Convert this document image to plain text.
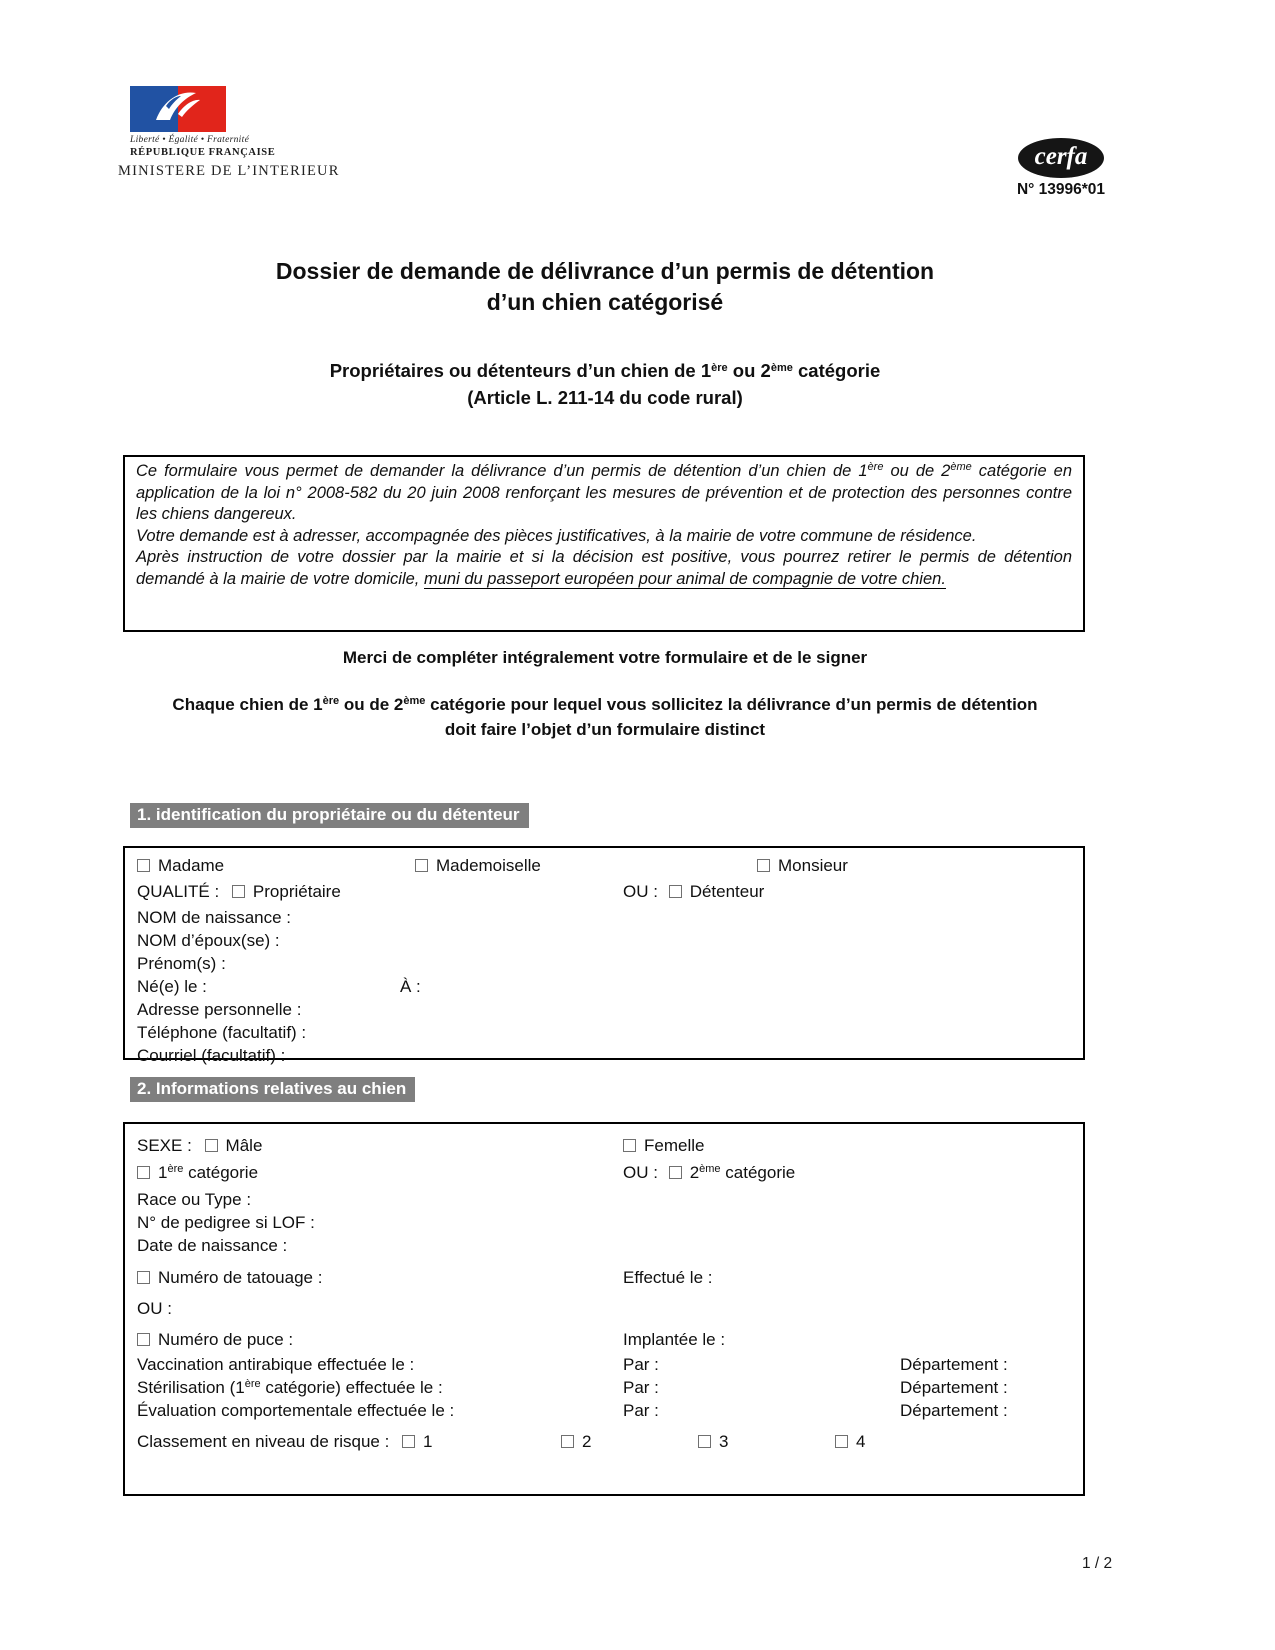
Liberté • Égalité • Fraternité
RÉPUBLIQUE FRANÇAISE
MINISTERE DE L’INTERIEUR
cerfa
N° 13996*01
Dossier de demande de délivrance d’un permis de détention
d’un chien catégorisé
Propriétaires ou détenteurs d’un chien de 1ère ou 2ème catégorie
(Article L. 211-14 du code rural)

Ce formulaire vous permet de demander la délivrance d’un permis de détention d’un chien de 1ère ou de 2ème catégorie en application de la loi n° 2008-582 du 20 juin 2008 renforçant les mesures de prévention et de protection des personnes contre les chiens dangereux.

Votre demande est à adresser, accompagnée des pièces justificatives, à la mairie de votre commune de résidence.

Après instruction de votre dossier par la mairie et si la décision est positive, vous pourrez retirer le permis de détention demandé à la mairie de votre domicile, muni du passeport européen pour animal de compagnie de votre chien.

Merci de compléter intégralement votre formulaire et de le signer
Chaque chien de 1ère ou de 2ème catégorie pour lequel vous sollicitez la délivrance d’un permis de détention
doit faire l’objet d’un formulaire distinct
1. identification du propriétaire ou du détenteur
Madame	Mademoiselle	Monsieur
QUALITÉ : Propriétaire	OU : Détenteur
NOM de naissance :
NOM d’époux(se) :
Prénom(s) :
Né(e) le :	À :
Adresse personnelle :
Téléphone (facultatif) :
Courriel (facultatif) :
2. Informations relatives au chien
SEXE : Mâle	Femelle
1ère catégorie	OU : 2ème catégorie
Race ou Type :
N° de pedigree si LOF :
Date de naissance :
Numéro de tatouage :	Effectué le :
OU :
Numéro de puce :	Implantée le :
Vaccination antirabique effectuée le :	Par :	Département :
Stérilisation (1ère catégorie) effectuée le :	Par :	Département :
Évaluation comportementale effectuée le :	Par :	Département :
Classement en niveau de risque : 1	2	3	4
1 / 2
